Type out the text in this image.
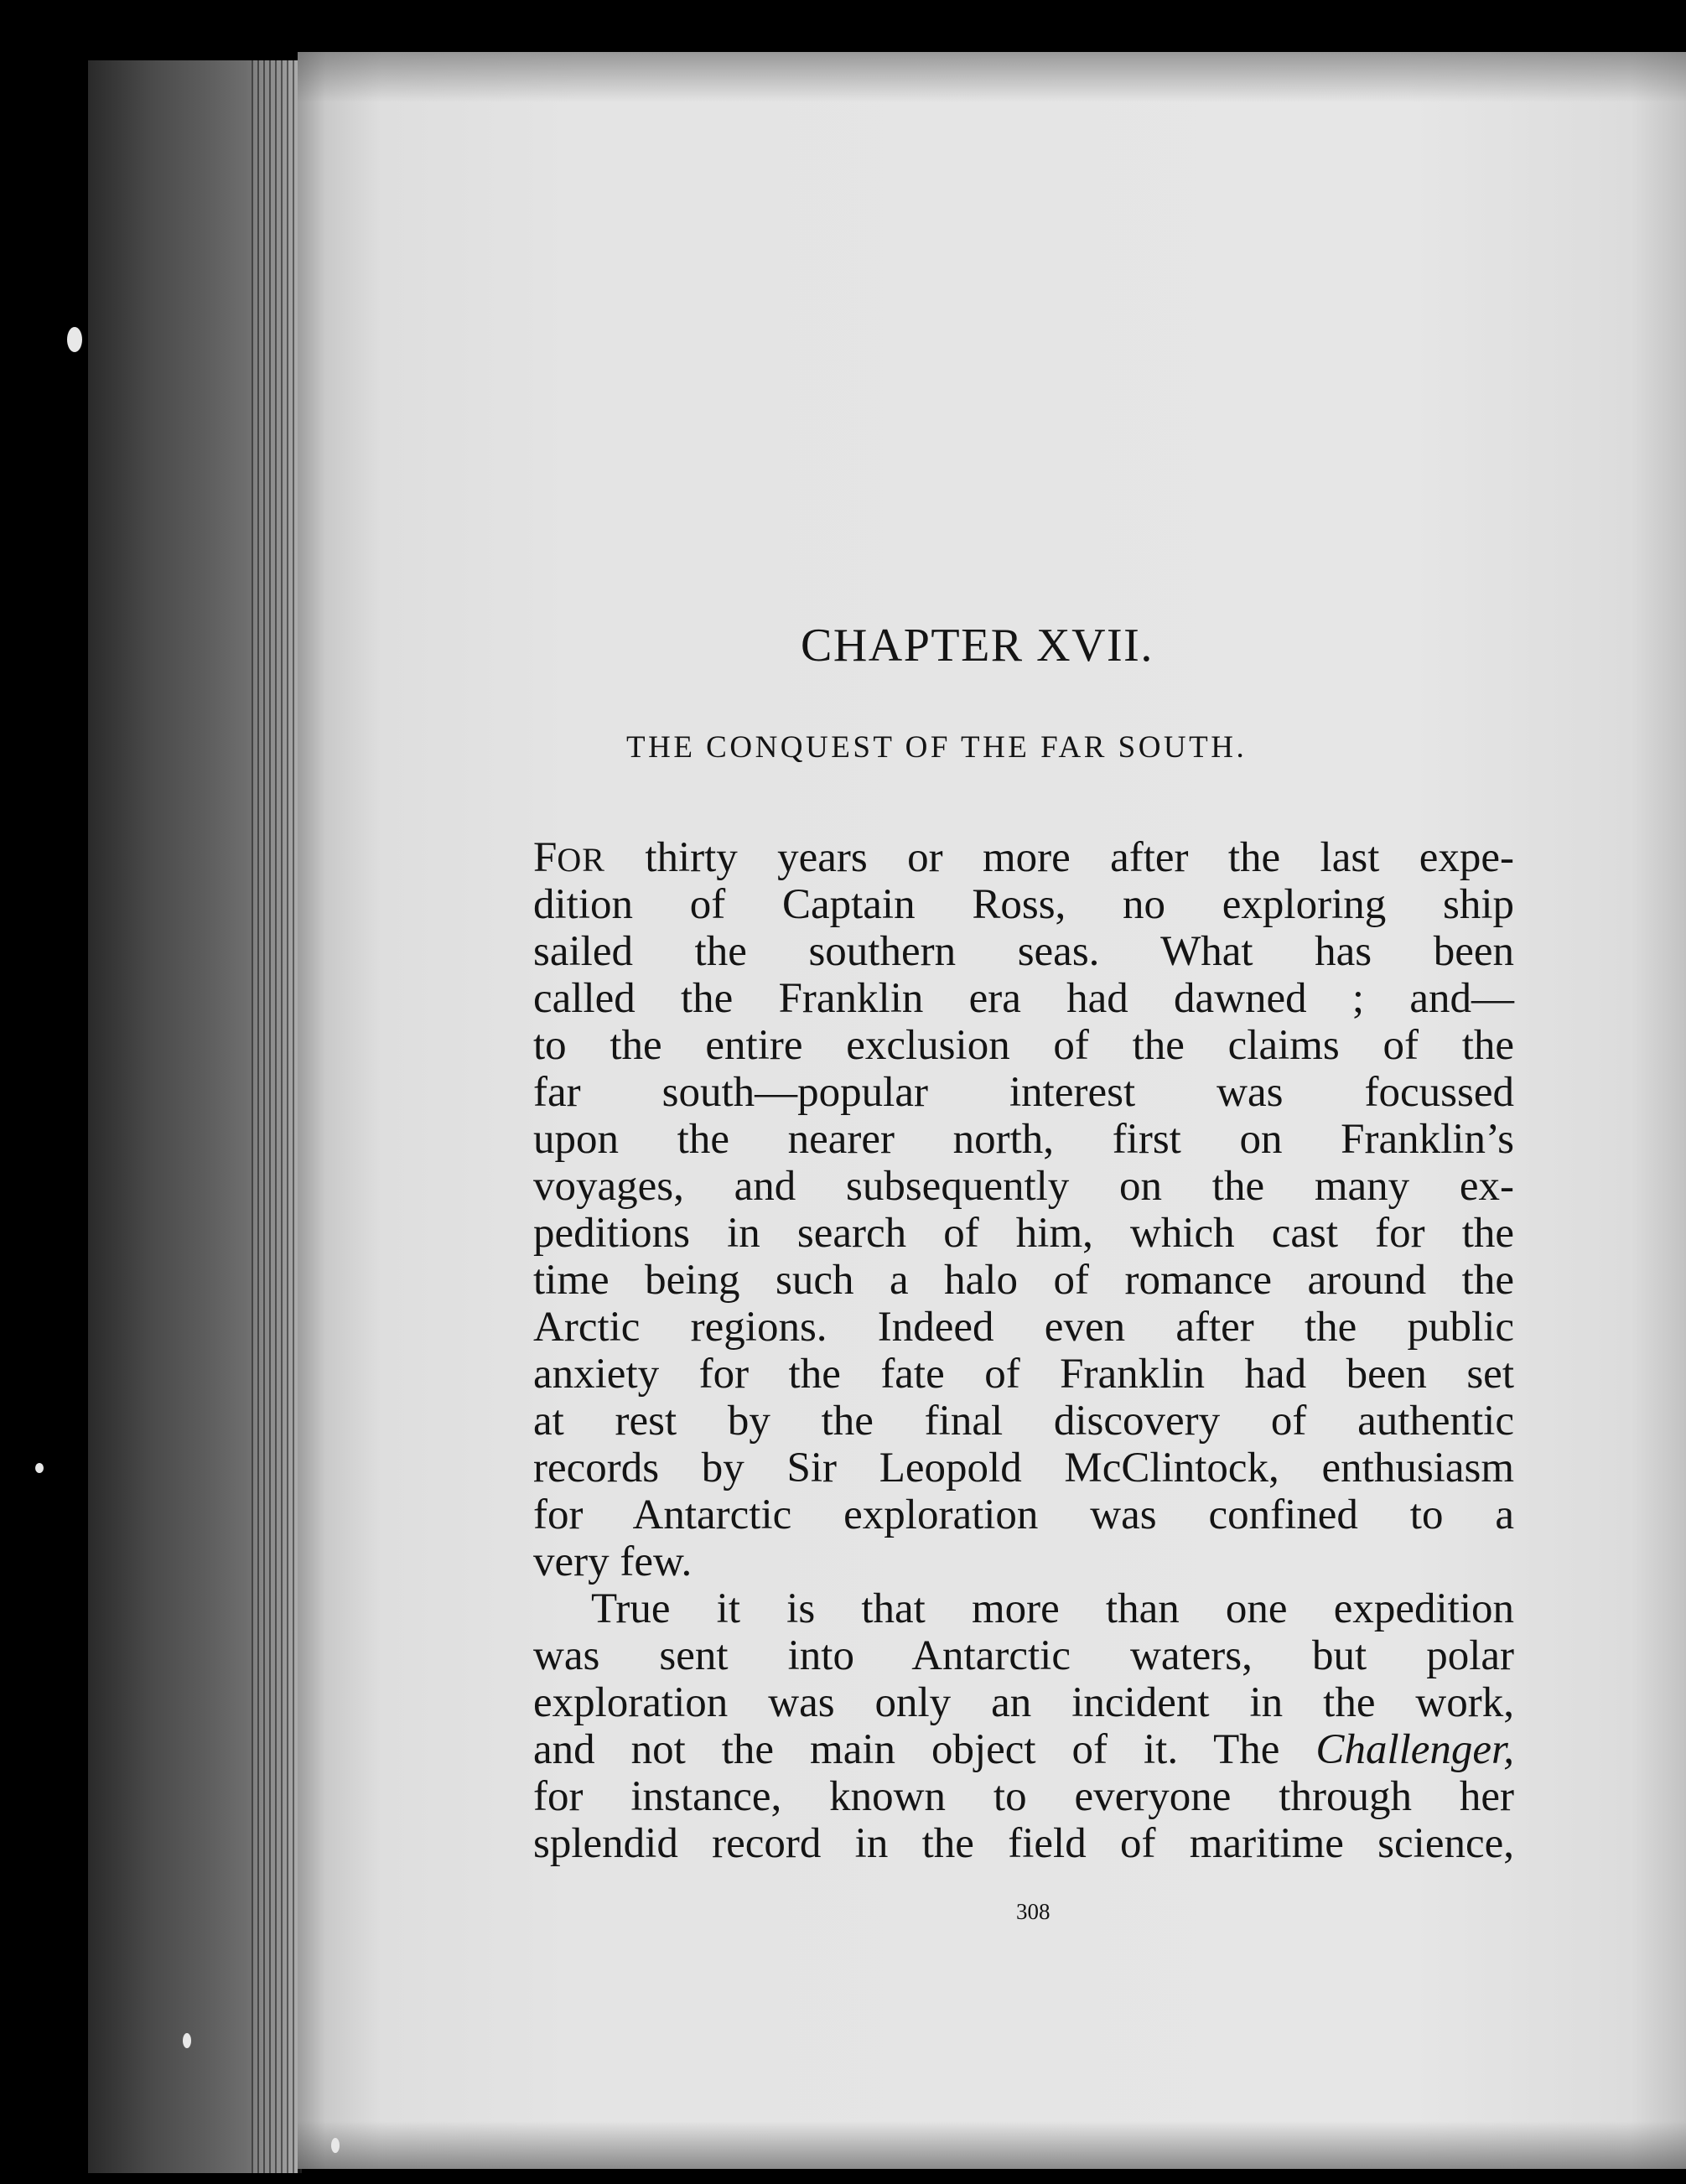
CHAPTER XVII.
THE CONQUEST OF THE FAR SOUTH.
FOR thirty years or more after the last expe-
dition of Captain Ross, no exploring ship
sailed the southern seas. What has been
called the Franklin era had dawned ; and—
to the entire exclusion of the claims of the
far south—popular interest was focussed
upon the nearer north, first on Franklin’s
voyages, and subsequently on the many ex-
peditions in search of him, which cast for the
time being such a halo of romance around the
Arctic regions. Indeed even after the public
anxiety for the fate of Franklin had been set
at rest by the final discovery of authentic
records by Sir Leopold McClintock, enthusiasm
for Antarctic exploration was confined to a
very few.
True it is that more than one expedition
was sent into Antarctic waters, but polar
exploration was only an incident in the work,
and not the main object of it. The Challenger,
for instance, known to everyone through her
splendid record in the field of maritime science,
308
